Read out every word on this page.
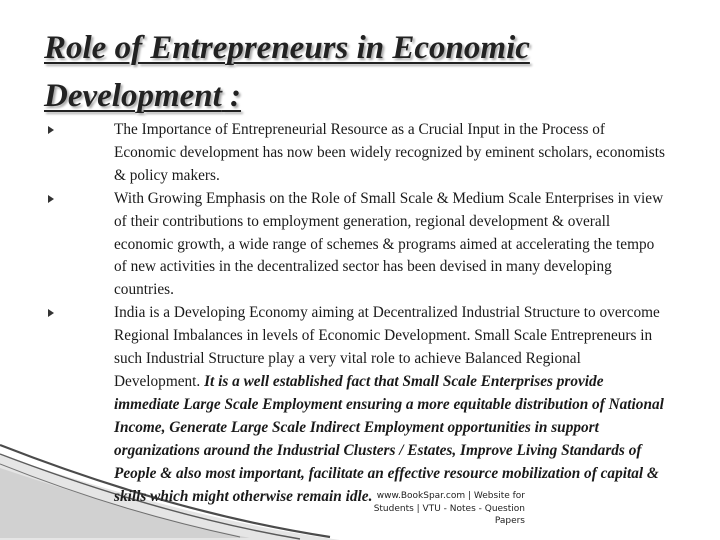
Role of Entrepreneurs in Economic
Development :
The Importance of Entrepreneurial Resource as a Crucial Input in the Process of Economic development has now been widely recognized by eminent scholars, economists & policy makers.
With Growing Emphasis on the Role of Small Scale & Medium Scale Enterprises in view of their contributions to employment generation, regional development & overall economic growth, a wide range of schemes & programs aimed at accelerating the tempo of new activities in the decentralized sector has been devised in many developing countries.
India is a Developing Economy aiming at Decentralized Industrial Structure to overcome Regional Imbalances in levels of Economic Development. Small Scale Entrepreneurs in such Industrial Structure play a very vital role to achieve Balanced Regional Development. It is a well established fact that Small Scale Enterprises provide immediate Large Scale Employment ensuring a more equitable distribution of National Income, Generate Large Scale Indirect Employment opportunities in support organizations around the Industrial Clusters / Estates, Improve Living Standards of People & also most important, facilitate an effective resource mobilization of capital & skills which might otherwise remain idle. www.BookSpar.com | Website for
Students | VTU - Notes - Question
Papers
